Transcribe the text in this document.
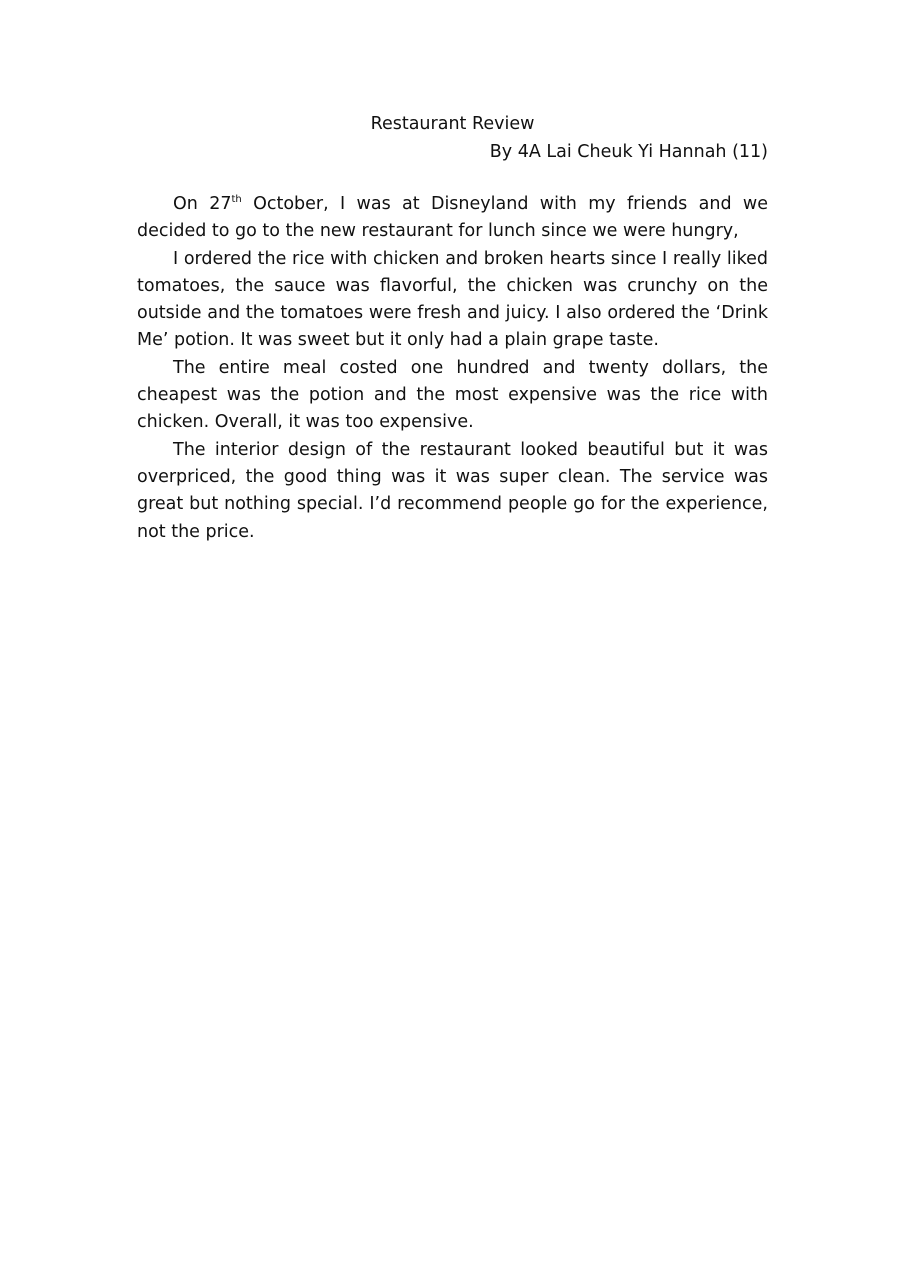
Restaurant Review
By 4A Lai Cheuk Yi Hannah (11)

On 27th October, I was at Disneyland with my friends and we decided to go to the new restaurant for lunch since we were hungry,

I ordered the rice with chicken and broken hearts since I really liked tomatoes, the sauce was flavorful, the chicken was crunchy on the outside and the tomatoes were fresh and juicy. I also ordered the ‘Drink Me’ potion. It was sweet but it only had a plain grape taste.

The entire meal costed one hundred and twenty dollars, the cheapest was the potion and the most expensive was the rice with chicken. Overall, it was too expensive.

The interior design of the restaurant looked beautiful but it was overpriced, the good thing was it was super clean. The service was great but nothing special. I’d recommend people go for the experience, not the price.
